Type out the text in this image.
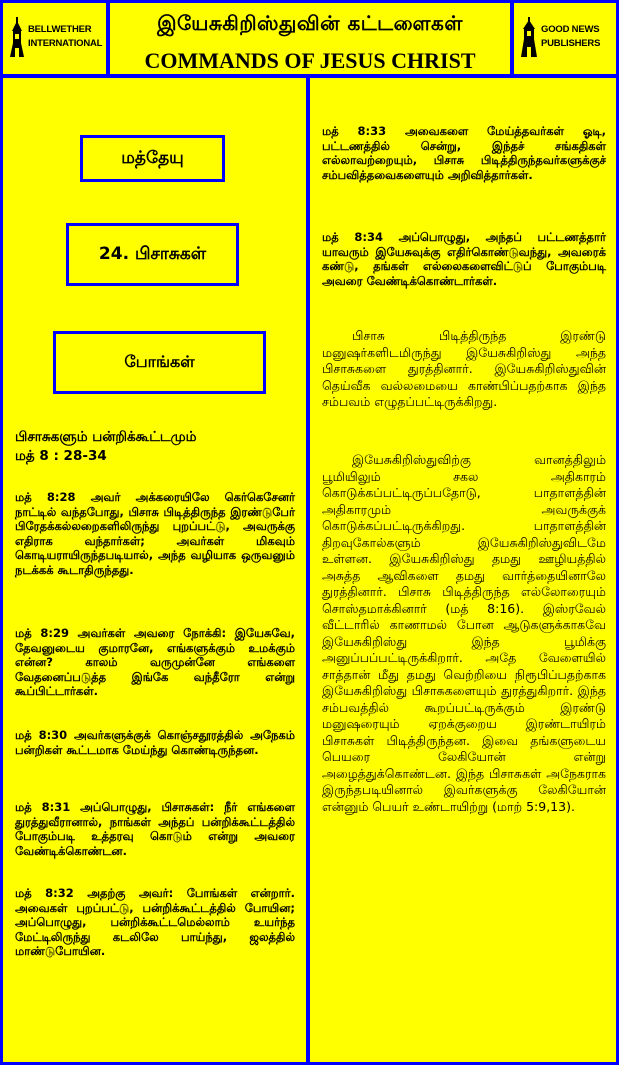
BELLWETHER
INTERNATIONAL
இயேசுகிறிஸ்துவின் கட்டளைகள்
COMMANDS OF JESUS CHRIST
GOOD NEWS
PUBLISHERS
மத்தேயு
24. பிசாசுகள்
போங்கள்
பிசாசுகளும் பன்றிக்கூட்டமும்
மத் 8 : 28-34
மத் 8:28 அவர் அக்கரையிலே கெர்கெசேனர் நாட்டில் வந்தபோது, பிசாசு பிடித்திருந்த இரண்டுபேர் பிரேதக்கல்லறைகளிலிருந்து புறப்பட்டு, அவருக்கு எதிராக வந்தார்கள்; அவர்கள் மிகவும் கொடியராயிருந்தபடியால், அந்த வழியாக ஒருவனும் நடக்கக் கூடாதிருந்தது.
மத் 8:29 அவர்கள் அவரை நோக்கி: இயேசுவே, தேவனுடைய குமாரனே, எங்களுக்கும் உமக்கும் என்ன? காலம் வருமுன்னே எங்களை வேதனைப்படுத்த இங்கே வந்தீரோ என்று கூப்பிட்டார்கள்.
மத் 8:30 அவர்களுக்குக் கொஞ்சதூரத்தில் அநேகம் பன்றிகள் கூட்டமாக மேய்ந்து கொண்டிருந்தன.
மத் 8:31 அப்பொழுது, பிசாசுகள்: நீர் எங்களை துரத்துவீரானால், நாங்கள் அந்தப் பன்றிக்கூட்டத்தில் போகும்படி உத்தரவு கொடும் என்று அவரை வேண்டிக்கொண்டன.
மத் 8:32 அதற்கு அவர்: போங்கள் என்றார். அவைகள் புறப்பட்டு, பன்றிக்கூட்டத்தில் போயின; அப்பொழுது, பன்றிக்கூட்டமெல்லாம் உயர்ந்த மேட்டிலிருந்து கடலிலே பாய்ந்து, ஜலத்தில் மாண்டுபோயின.
மத் 8:33 அவைகளை மேய்த்தவர்கள் ஓடி, பட்டணத்தில் சென்று, இந்தச் சங்கதிகள் எல்லாவற்றையும், பிசாசு பிடித்திருந்தவர்களுக்குச் சம்பவித்தவைகளையும் அறிவித்தார்கள்.
மத் 8:34 அப்பொழுது, அந்தப் பட்டணத்தார் யாவரும் இயேசுவுக்கு எதிர்கொண்டுவந்து, அவரைக் கண்டு, தங்கள் எல்லைகளைவிட்டுப் போகும்படி அவரை வேண்டிக்கொண்டார்கள்.
பிசாசு பிடித்திருந்த இரண்டு மனுஷர்களிடமிருந்து இயேசுகிறிஸ்து அந்த பிசாசுகளை துரத்தினார். இயேசுகிறிஸ்துவின் தெய்வீக வல்லமையை காண்பிப்பதற்காக இந்த சம்பவம் எழுதப்பட்டிருக்கிறது.
இயேசுகிறிஸ்துவிற்கு வானத்திலும் பூமியிலும் சகல அதிகாரம் கொடுக்கப்பட்டிருப்பதோடு, பாதாளத்தின் அதிகாரமும் அவருக்குக் கொடுக்கப்பட்டிருக்கிறது. பாதாளத்தின் திறவுகோல்களும் இயேசுகிறிஸ்துவிடமே உள்ளன. இயேசுகிறிஸ்து தமது ஊழியத்தில் அசுத்த ஆவிகளை தமது வார்த்தையினாலே துரத்தினார். பிசாசு பிடித்திருந்த எல்லோரையும் சொஸ்தமாக்கினார் (மத் 8:16). இஸ்ரவேல் வீட்டாரில் காணாமல் போன ஆடுகளுக்காகவே இயேசுகிறிஸ்து இந்த பூமிக்கு அனுப்பப்பட்டிருக்கிறார். அதே வேளையில் சாத்தான் மீது தமது வெற்றியை நிரூபிப்பதற்காக இயேசுகிறிஸ்து பிசாசுகளையும் துரத்துகிறார். இந்த சம்பவத்தில் கூறப்பட்டிருக்கும் இரண்டு மனுஷரையும் ஏறக்குறைய இரண்டாயிரம் பிசாசுகள் பிடித்திருந்தன. இவை தங்களுடைய பெயரை லேகியோன் என்று அழைத்துக்கொண்டன. இந்த பிசாசுகள் அநேகராக இருந்தபடியினால் இவர்களுக்கு லேகியோன் என்னும் பெயர் உண்டாயிற்று (மாற் 5:9,13).
